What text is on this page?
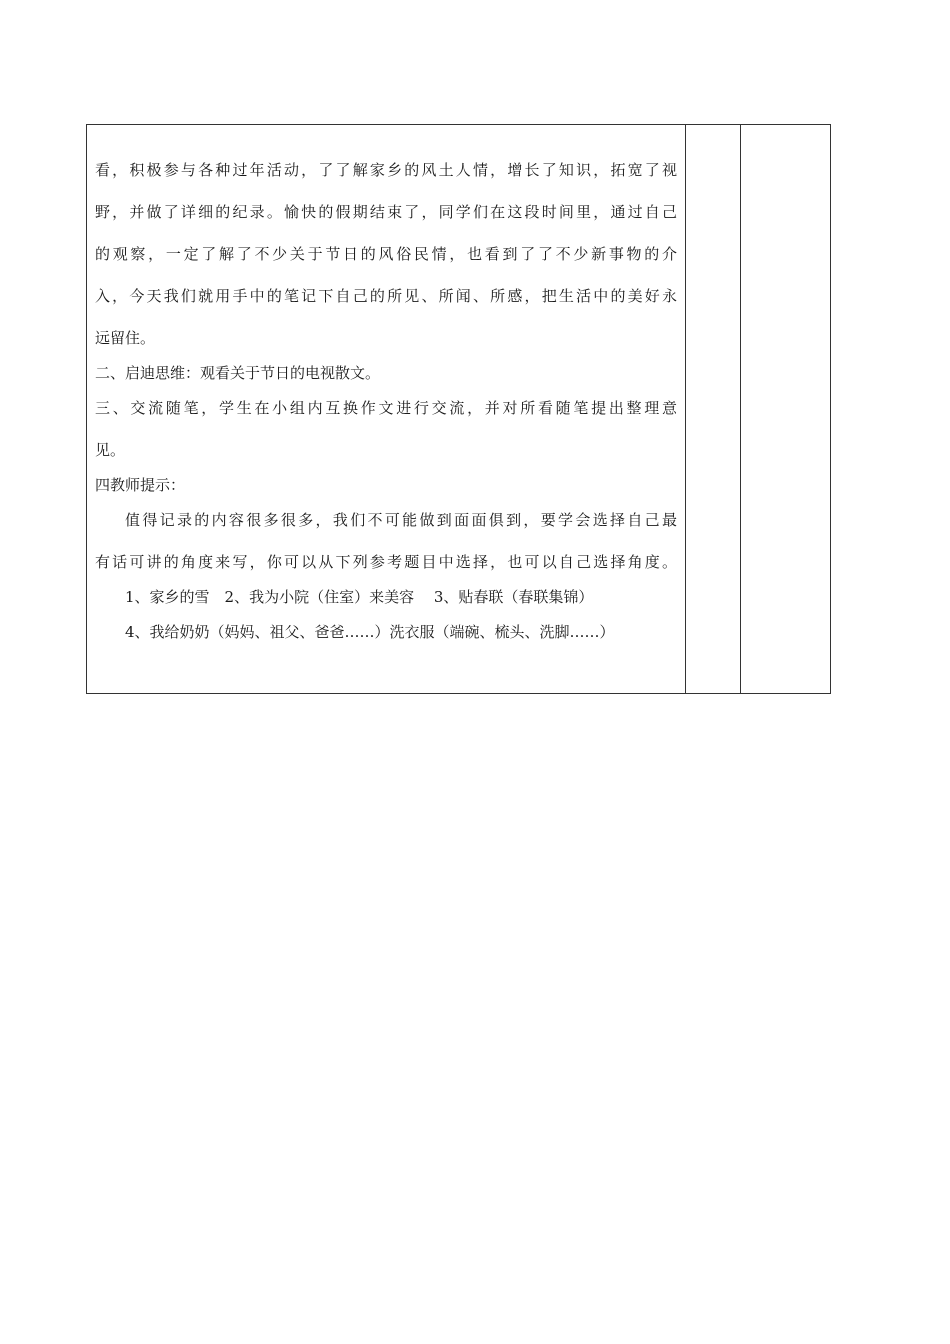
看，积极参与各种过年活动，了了解家乡的风土人情，增长了知识，拓宽了视

野，并做了详细的纪录。愉快的假期结束了，同学们在这段时间里，通过自己

的观察，一定了解了不少关于节日的风俗民情，也看到了了不少新事物的介

入，今天我们就用手中的笔记下自己的所见、所闻、所感，把生活中的美好永

远留住。

二、启迪思维：观看关于节日的电视散文。

三、交流随笔，学生在小组内互换作文进行交流，并对所看随笔提出整理意

见。

四教师提示：

值得记录的内容很多很多，我们不可能做到面面俱到，要学会选择自己最

有话可讲的角度来写，你可以从下列参考题目中选择，也可以自己选择角度。

1、家乡的雪　2、我为小院（住室）来美容　 3、贴春联（春联集锦）

4、我给奶奶（妈妈、祖父、爸爸……）洗衣服（端碗、梳头、洗脚……）
